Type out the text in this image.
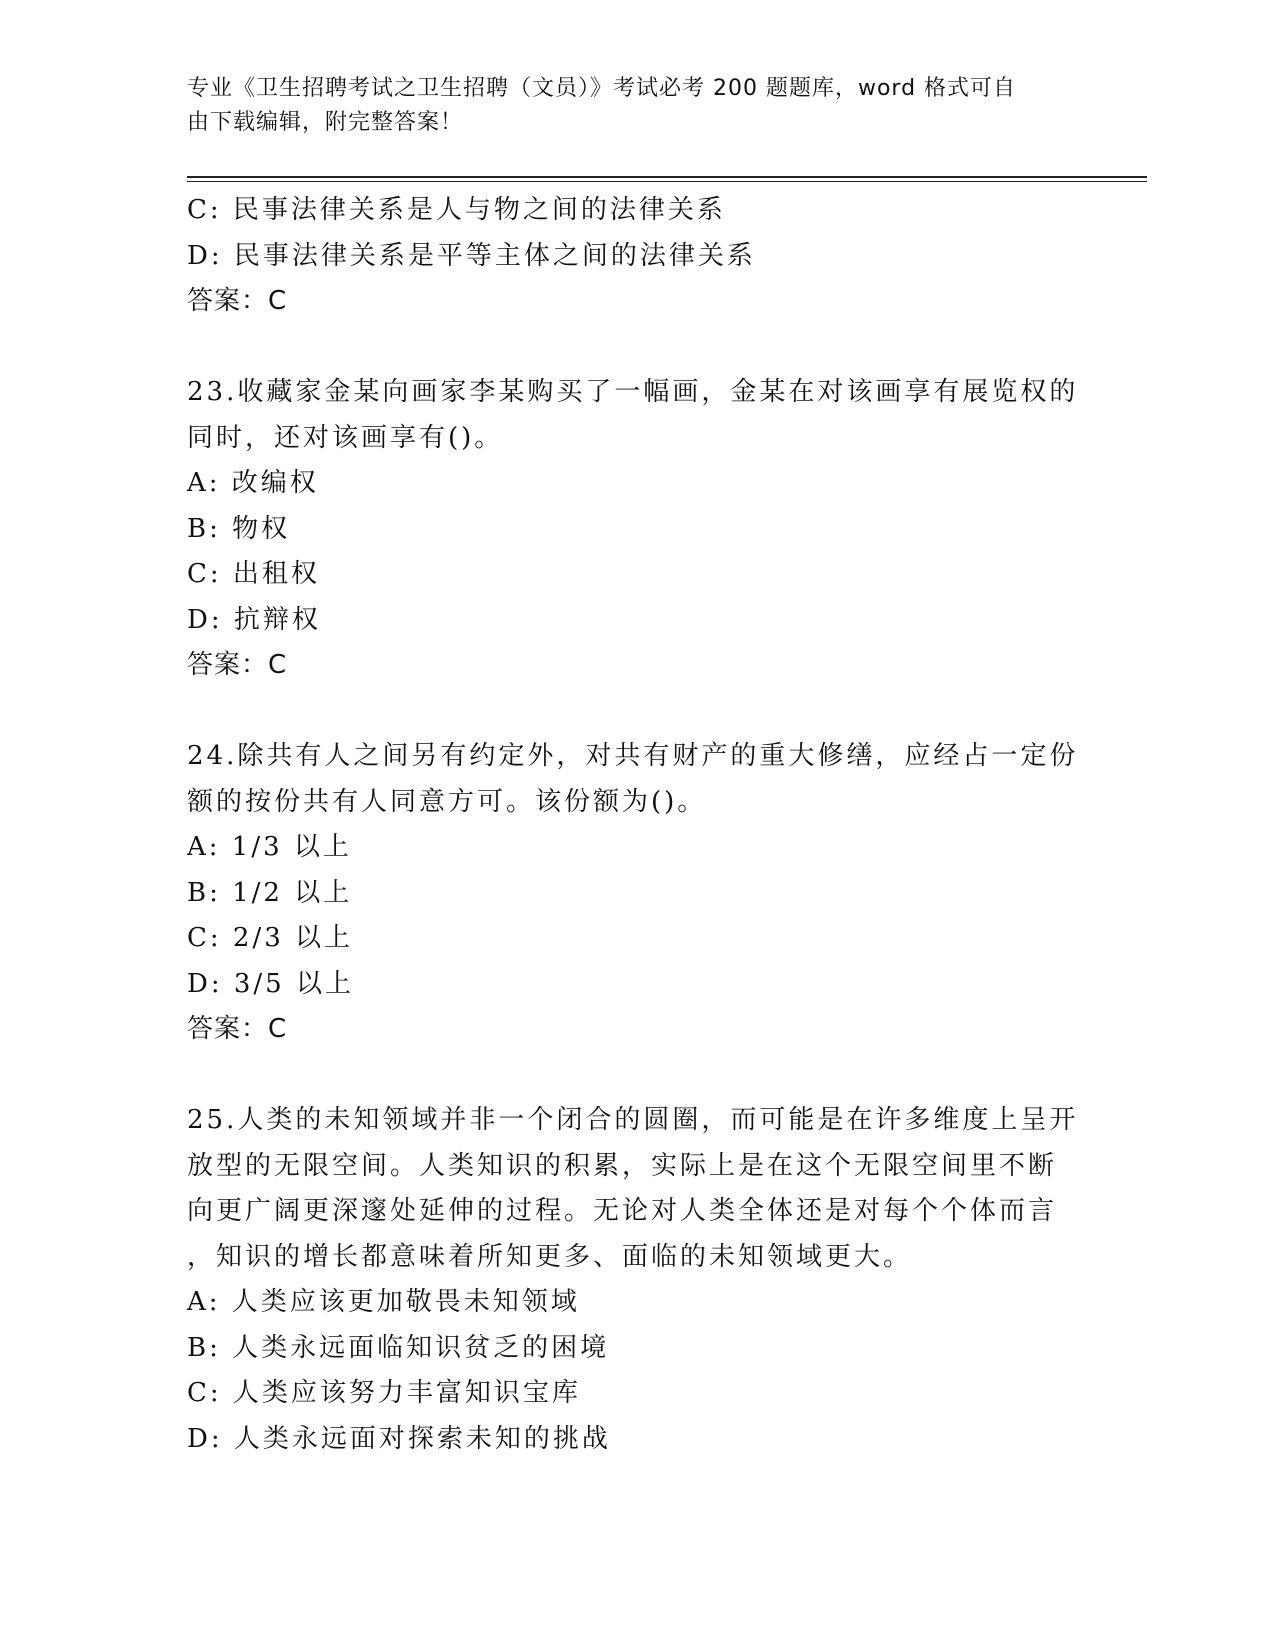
专业《卫生招聘考试之卫生招聘（文员）》考试必考 200 题题库，word 格式可自
由下载编辑，附完整答案！
C: 民事法律关系是人与物之间的法律关系
D: 民事法律关系是平等主体之间的法律关系
答案：C
23.收藏家金某向画家李某购买了一幅画，金某在对该画享有展览权的
同时，还对该画享有()。
A: 改编权
B: 物权
C: 出租权
D: 抗辩权
答案：C
24.除共有人之间另有约定外，对共有财产的重大修缮，应经占一定份
额的按份共有人同意方可。该份额为()。
A: 1/3 以上
B: 1/2 以上
C: 2/3 以上
D: 3/5 以上
答案：C
25.人类的未知领域并非一个闭合的圆圈，而可能是在许多维度上呈开
放型的无限空间。人类知识的积累，实际上是在这个无限空间里不断
向更广阔更深邃处延伸的过程。无论对人类全体还是对每个个体而言
，知识的增长都意味着所知更多、面临的未知领域更大。
A: 人类应该更加敬畏未知领域
B: 人类永远面临知识贫乏的困境
C: 人类应该努力丰富知识宝库
D: 人类永远面对探索未知的挑战
